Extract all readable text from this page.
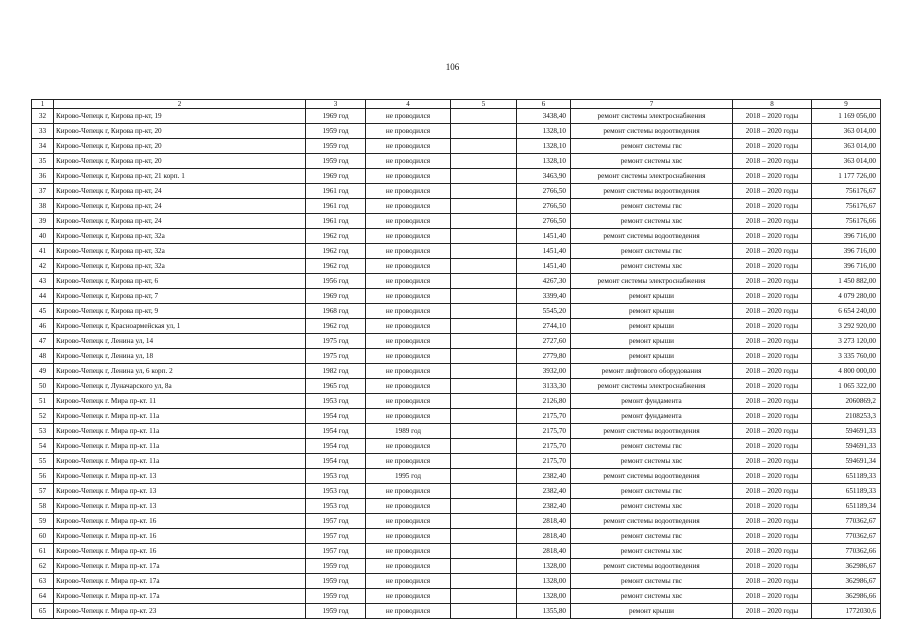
106
1	2	3	4	5	6	7	8	9
32	Кирово-Чепецк г, Кирова пр-кт, 19	1969 год	не проводился		3438,40	ремонт системы электроснабжения	2018 – 2020 годы	1 169 056,00
33	Кирово-Чепецк г, Кирова пр-кт, 20	1959 год	не проводился		1328,10	ремонт системы водоотведения	2018 – 2020 годы	363 014,00
34	Кирово-Чепецк г, Кирова пр-кт, 20	1959 год	не проводился		1328,10	ремонт системы гвс	2018 – 2020 годы	363 014,00
35	Кирово-Чепецк г, Кирова пр-кт, 20	1959 год	не проводился		1328,10	ремонт системы хвс	2018 – 2020 годы	363 014,00
36	Кирово-Чепецк г, Кирова пр-кт, 21 корп. 1	1969 год	не проводился		3463,90	ремонт системы электроснабжения	2018 – 2020 годы	1 177 726,00
37	Кирово-Чепецк г, Кирова пр-кт, 24	1961 год	не проводился		2766,50	ремонт системы водоотведения	2018 – 2020 годы	756176,67
38	Кирово-Чепецк г, Кирова пр-кт, 24	1961 год	не проводился		2766,50	ремонт системы гвс	2018 – 2020 годы	756176,67
39	Кирово-Чепецк г, Кирова пр-кт, 24	1961 год	не проводился		2766,50	ремонт системы хвс	2018 – 2020 годы	756176,66
40	Кирово-Чепецк г, Кирова пр-кт, 32а	1962 год	не проводился		1451,40	ремонт системы водоотведения	2018 – 2020 годы	396 716,00
41	Кирово-Чепецк г, Кирова пр-кт, 32а	1962 год	не проводился		1451,40	ремонт системы гвс	2018 – 2020 годы	396 716,00
42	Кирово-Чепецк г, Кирова пр-кт, 32а	1962 год	не проводился		1451,40	ремонт системы хвс	2018 – 2020 годы	396 716,00
43	Кирово-Чепецк г, Кирова пр-кт, 6	1956 год	не проводился		4267,30	ремонт системы электроснабжения	2018 – 2020 годы	1 450 882,00
44	Кирово-Чепецк г, Кирова пр-кт, 7	1969 год	не проводился		3399,40	ремонт крыши	2018 – 2020 годы	4 079 280,00
45	Кирово-Чепецк г, Кирова пр-кт, 9	1968 год	не проводился		5545,20	ремонт крыши	2018 – 2020 годы	6 654 240,00
46	Кирово-Чепецк г, Красноармейская ул, 1	1962 год	не проводился		2744,10	ремонт крыши	2018 – 2020 годы	3 292 920,00
47	Кирово-Чепецк г, Ленина ул, 14	1975 год	не проводился		2727,60	ремонт крыши	2018 – 2020 годы	3 273 120,00
48	Кирово-Чепецк г, Ленина ул, 18	1975 год	не проводился		2779,80	ремонт крыши	2018 – 2020 годы	3 335 760,00
49	Кирово-Чепецк г, Ленина ул, 6 корп. 2	1982 год	не проводился		3932,00	ремонт лифтового оборудования	2018 – 2020 годы	4 800 000,00
50	Кирово-Чепецк г, Луначарского ул, 8а	1965 год	не проводился		3133,30	ремонт системы электроснабжения	2018 – 2020 годы	1 065 322,00
51	Кирово-Чепецк г. Мира пр-кт. 11	1953 год	не проводился		2126,80	ремонт фундамента	2018 – 2020 годы	2060869,2
52	Кирово-Чепецк г. Мира пр-кт. 11а	1954 год	не проводился		2175,70	ремонт фундамента	2018 – 2020 годы	2108253,3
53	Кирово-Чепецк г. Мира пр-кт. 11а	1954 год	1989 год		2175,70	ремонт системы водоотведения	2018 – 2020 годы	594691,33
54	Кирово-Чепецк г. Мира пр-кт. 11а	1954 год	не проводился		2175,70	ремонт системы гвс	2018 – 2020 годы	594691,33
55	Кирово-Чепецк г. Мира пр-кт. 11а	1954 год	не проводился		2175,70	ремонт системы хвс	2018 – 2020 годы	594691,34
56	Кирово-Чепецк г. Мира пр-кт. 13	1953 год	1995 год		2382,40	ремонт системы водоотведения	2018 – 2020 годы	651189,33
57	Кирово-Чепецк г. Мира пр-кт. 13	1953 год	не проводился		2382,40	ремонт системы гвс	2018 – 2020 годы	651189,33
58	Кирово-Чепецк г. Мира пр-кт. 13	1953 год	не проводился		2382,40	ремонт системы хвс	2018 – 2020 годы	651189,34
59	Кирово-Чепецк г. Мира пр-кт. 16	1957 год	не проводился		2818,40	ремонт системы водоотведения	2018 – 2020 годы	770362,67
60	Кирово-Чепецк г. Мира пр-кт. 16	1957 год	не проводился		2818,40	ремонт системы гвс	2018 – 2020 годы	770362,67
61	Кирово-Чепецк г. Мира пр-кт. 16	1957 год	не проводился		2818,40	ремонт системы хвс	2018 – 2020 годы	770362,66
62	Кирово-Чепецк г. Мира пр-кт. 17а	1959 год	не проводился		1328,00	ремонт системы водоотведения	2018 – 2020 годы	362986,67
63	Кирово-Чепецк г. Мира пр-кт. 17а	1959 год	не проводился		1328,00	ремонт системы гвс	2018 – 2020 годы	362986,67
64	Кирово-Чепецк г. Мира пр-кт. 17а	1959 год	не проводился		1328,00	ремонт системы хвс	2018 – 2020 годы	362986,66
65	Кирово-Чепецк г. Мира пр-кт. 23	1959 год	не проводился		1355,80	ремонт крыши	2018 – 2020 годы	1772030,6
